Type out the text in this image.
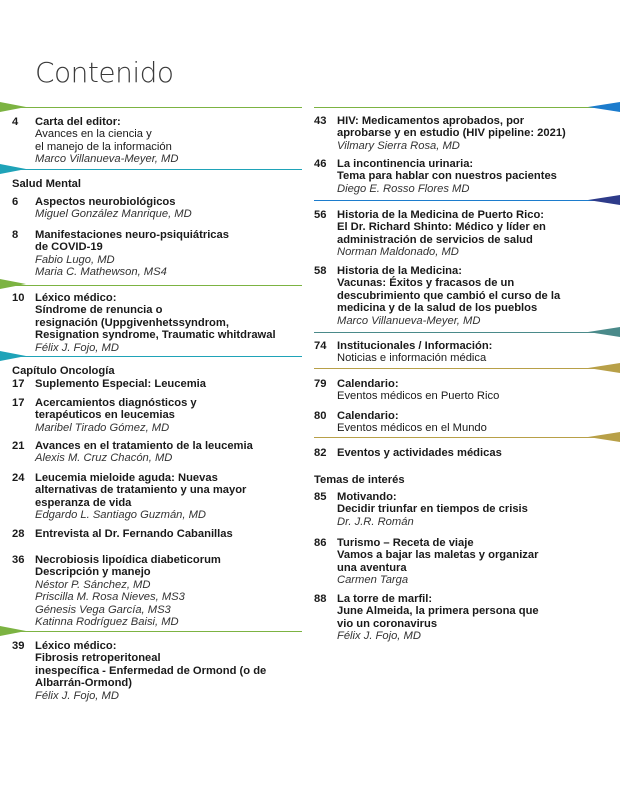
Contenido
4 Carta del editor:
Avances en la ciencia y
el manejo de la información
Marco Villanueva-Meyer, MD
Salud Mental
6 Aspectos neurobiológicos
Miguel González Manrique, MD
8 Manifestaciones neuro-psiquiátricas
de COVID-19
Fabio Lugo, MD
Maria C. Mathewson, MS4
10 Léxico médico:
Síndrome de renuncia o
resignación (Uppgivenhetssyndrom,
Resignation syndrome, Traumatic whitdrawal
Félix J. Fojo, MD
Capítulo Oncología
17 Suplemento Especial: Leucemia
17 Acercamientos diagnósticos y
terapéuticos en leucemias
Maribel Tirado Gómez, MD
21 Avances en el tratamiento de la leucemia
Alexis M. Cruz Chacón, MD
24 Leucemia mieloide aguda: Nuevas
alternativas de tratamiento y una mayor
esperanza de vida
Edgardo L. Santiago Guzmán, MD
28 Entrevista al Dr. Fernando Cabanillas
36 Necrobiosis lipoídica diabeticorum
Descripción y manejo
Néstor P. Sánchez, MD
Priscilla M. Rosa Nieves, MS3
Génesis Vega García, MS3
Katinna Rodríguez Baisi, MD
39 Léxico médico:
Fibrosis retroperitoneal
inespecífica - Enfermedad de Ormond (o de
Albarrán-Ormond)
Félix J. Fojo, MD
43 HIV: Medicamentos aprobados, por
aprobarse y en estudio (HIV pipeline: 2021)
Vilmary Sierra Rosa, MD
46 La incontinencia urinaria:
Tema para hablar con nuestros pacientes
Diego E. Rosso Flores MD
56 Historia de la Medicina de Puerto Rico:
El Dr. Richard Shinto: Médico y líder en
administración de servicios de salud
Norman Maldonado, MD
58 Historia de la Medicina:
Vacunas: Éxitos y fracasos de un
descubrimiento que cambió el curso de la
medicina y de la salud de los pueblos
Marco Villanueva-Meyer, MD
74 Institucionales / Información:
Noticias e información médica
79 Calendario:
Eventos médicos en Puerto Rico
80 Calendario:
Eventos médicos en el Mundo
82 Eventos y actividades médicas
Temas de interés
85 Motivando:
Decidir triunfar en tiempos de crisis
Dr. J.R. Román
86 Turismo – Receta de viaje
Vamos a bajar las maletas y organizar
una aventura
Carmen Targa
88 La torre de marfil:
June Almeida, la primera persona que
vio un coronavirus
Félix J. Fojo, MD
